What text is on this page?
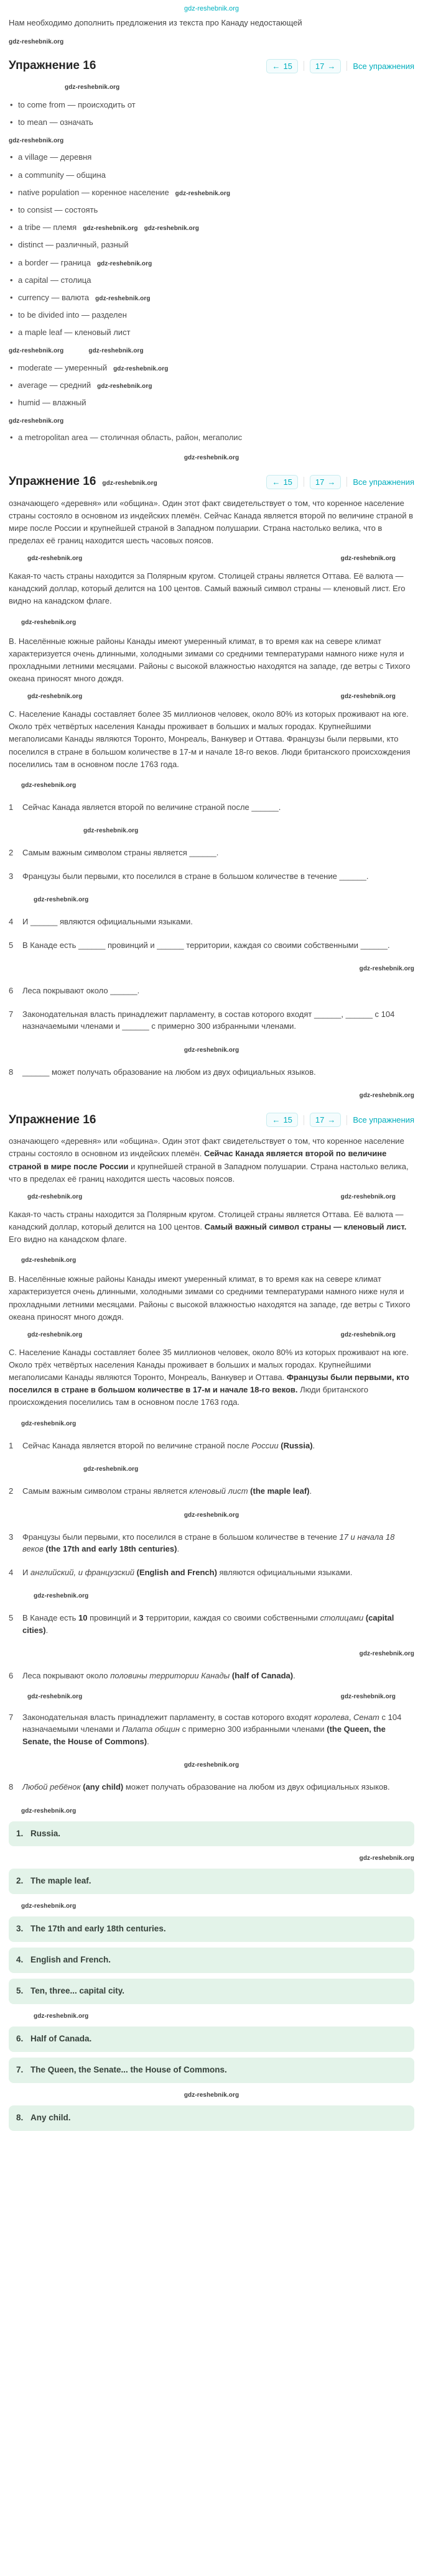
gdz-reshebnik.org

Нам необходимо дополнить предложения из текста про Канаду недостающей

gdz-reshebnik.org
Упражнение 16	← 15	17 → Все упражнения
gdz-reshebnik.org
• to come from — происходить от
• to mean — означать
gdz-reshebnik.org
• a village — деревня
• a community — община
• native population — коренное население gdz-reshebnik.org
• to consist — состоять
• a tribe — племя gdz-reshebnik.org gdz-reshebnik.org
• distinct — различный, разный
• a border — граница gdz-reshebnik.org
• a capital — столица
• currency — валюта gdz-reshebnik.org
• to be divided into — разделен
• a maple leaf — кленовый лист
gdz-reshebnik.org	gdz-reshebnik.org
• moderate — умеренный gdz-reshebnik.org
• average — средний gdz-reshebnik.org
• humid — влажный
gdz-reshebnik.org
• a metropolitan area — столичная область, район, мегаполис
gdz-reshebnik.org
Упражнение 16 gdz-reshebnik.org	← 15	17 → Все упражнения

означающего «деревня» или «община». Один этот факт свидетельствует о том, что коренное население страны состояло в основном из индейских племён. Сейчас Канада является второй по величине страной в мире после России и крупнейшей страной в Западном полушарии. Страна настолько велика, что в пределах её границ находится шесть часовых поясов.

gdz-reshebnik.org	gdz-reshebnik.org

Какая-то часть страны находится за Полярным кругом. Столицей страны является Оттава. Её валюта — канадский доллар, который делится на 100 центов. Самый важный символ страны — кленовый лист. Его видно на канадском флаге.

gdz-reshebnik.org

B. Населённые южные районы Канады имеют умеренный климат, в то время как на севере климат характеризуется очень длинными, холодными зимами со средними температурами намного ниже нуля и прохладными летними месяцами. Районы с высокой влажностью находятся на западе, где ветры с Тихого океана приносят много дождя.

gdz-reshebnik.org	gdz-reshebnik.org

C. Население Канады составляет более 35 миллионов человек, около 80% из которых проживают на юге. Около трёх четвёртых населения Канады проживает в больших и малых городах. Крупнейшими мегаполисами Канады являются Торонто, Монреаль, Ванкувер и Оттава. Французы были первыми, кто поселился в стране в большом количестве в 17-м и начале 18-го веков. Люди британского происхождения поселились там в основном после 1763 года.

gdz-reshebnik.org
1	Сейчас Канада является второй по величине страной после ______.
gdz-reshebnik.org
2	Самым важным символом страны является ______.
3	Французы были первыми, кто поселился в стране в большом количестве в течение ______.
gdz-reshebnik.org
4	И ______ являются официальными языками.
5	В Канаде есть ______ провинций и ______ территории, каждая со своими собственными ______.
gdz-reshebnik.org
6	Леса покрывают около ______.
7	Законодательная власть принадлежит парламенту, в состав которого входят ______, ______ с 104 назначаемыми членами и ______ с примерно 300 избранными членами.
gdz-reshebnik.org
8	______ может получать образование на любом из двух официальных языков.
gdz-reshebnik.org
Упражнение 16	← 15	17 → Все упражнения

означающего «деревня» или «община». Один этот факт свидетельствует о том, что коренное население страны состояло в основном из индейских племён. Сейчас Канада является второй по величине страной в мире после России и крупнейшей страной в Западном полушарии. Страна настолько велика, что в пределах её границ находится шесть часовых поясов.

gdz-reshebnik.org	gdz-reshebnik.org

Какая-то часть страны находится за Полярным кругом. Столицей страны является Оттава. Её валюта — канадский доллар, который делится на 100 центов. Самый важный символ страны — кленовый лист. Его видно на канадском флаге.

gdz-reshebnik.org

B. Населённые южные районы Канады имеют умеренный климат, в то время как на севере климат характеризуется очень длинными, холодными зимами со средними температурами намного ниже нуля и прохладными летними месяцами. Районы с высокой влажностью находятся на западе, где ветры с Тихого океана приносят много дождя.

gdz-reshebnik.org	gdz-reshebnik.org

C. Население Канады составляет более 35 миллионов человек, около 80% из которых проживают на юге. Около трёх четвёртых населения Канады проживает в больших и малых городах. Крупнейшими мегаполисами Канады являются Торонто, Монреаль, Ванкувер и Оттава. Французы были первыми, кто поселился в стране в большом количестве в 17-м и начале 18-го веков. Люди британского происхождения поселились там в основном после 1763 года.

gdz-reshebnik.org
1	Сейчас Канада является второй по величине страной после России (Russia).
gdz-reshebnik.org
2	Самым важным символом страны является кленовый лист (the maple leaf).
gdz-reshebnik.org
3	Французы были первыми, кто поселился в стране в большом количестве в течение 17 и начала 18 веков (the 17th and early 18th centuries).
4	И английский, и французский (English and French) являются официальными языками.
gdz-reshebnik.org
5	В Канаде есть 10 провинций и 3 территории, каждая со своими собственными столицами (capital cities).
gdz-reshebnik.org
6	Леса покрывают около половины территории Канады (half of Canada).
gdz-reshebnik.org	gdz-reshebnik.org
7	Законодательная власть принадлежит парламенту, в состав которого входят королева, Сенат с 104 назначаемыми членами и Палата общин с примерно 300 избранными членами (the Queen, the Senate, the House of Commons).
gdz-reshebnik.org
8	Любой ребёнок (any child) может получать образование на любом из двух официальных языков.
gdz-reshebnik.org
1. Russia.
gdz-reshebnik.org
2. The maple leaf.
gdz-reshebnik.org
3. The 17th and early 18th centuries.
4. English and French.
5. Ten, three... capital city.
gdz-reshebnik.org
6. Half of Canada.
7. The Queen, the Senate... the House of Commons.
gdz-reshebnik.org
8. Any child.
